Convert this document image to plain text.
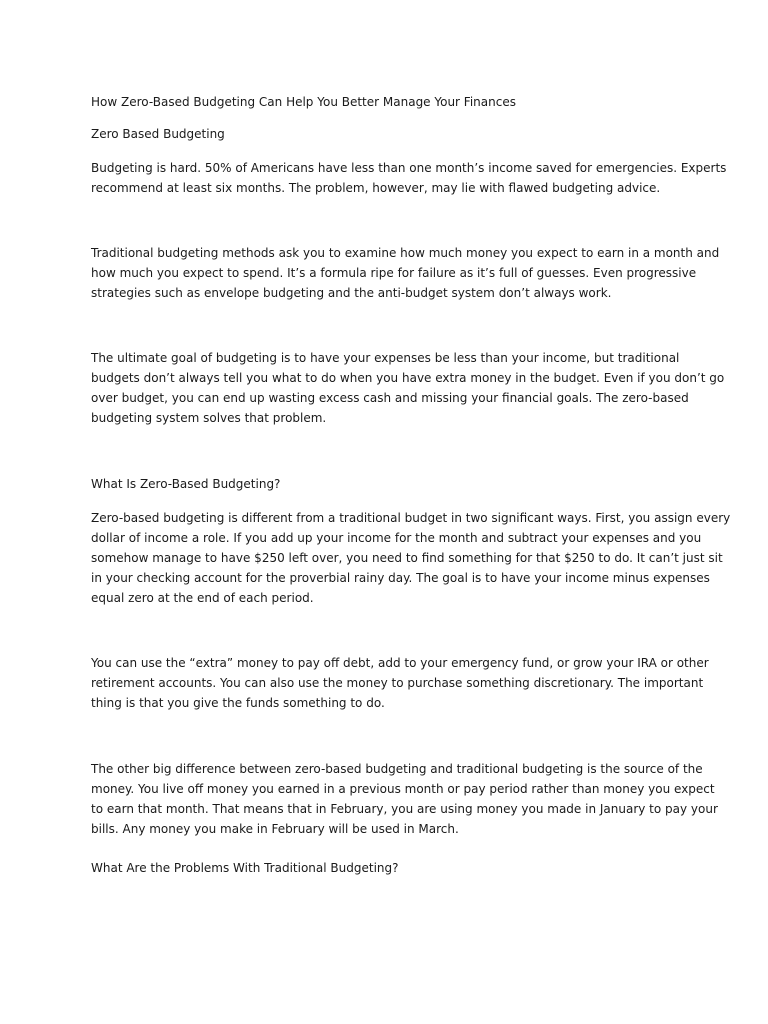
How Zero-Based Budgeting Can Help You Better Manage Your Finances

Zero Based Budgeting

Budgeting is hard. 50% of Americans have less than one month’s income saved for emergencies. Experts
recommend at least six months. The problem, however, may lie with flawed budgeting advice.

Traditional budgeting methods ask you to examine how much money you expect to earn in a month and
how much you expect to spend. It’s a formula ripe for failure as it’s full of guesses. Even progressive
strategies such as envelope budgeting and the anti-budget system don’t always work.

The ultimate goal of budgeting is to have your expenses be less than your income, but traditional
budgets don’t always tell you what to do when you have extra money in the budget. Even if you don’t go
over budget, you can end up wasting excess cash and missing your financial goals. The zero-based
budgeting system solves that problem.

What Is Zero-Based Budgeting?

Zero-based budgeting is different from a traditional budget in two significant ways. First, you assign every
dollar of income a role. If you add up your income for the month and subtract your expenses and you
somehow manage to have $250 left over, you need to find something for that $250 to do. It can’t just sit
in your checking account for the proverbial rainy day. The goal is to have your income minus expenses
equal zero at the end of each period.

You can use the “extra” money to pay off debt, add to your emergency fund, or grow your IRA or other
retirement accounts. You can also use the money to purchase something discretionary. The important
thing is that you give the funds something to do.

The other big difference between zero-based budgeting and traditional budgeting is the source of the
money. You live off money you earned in a previous month or pay period rather than money you expect
to earn that month. That means that in February, you are using money you made in January to pay your
bills. Any money you make in February will be used in March.

What Are the Problems With Traditional Budgeting?
